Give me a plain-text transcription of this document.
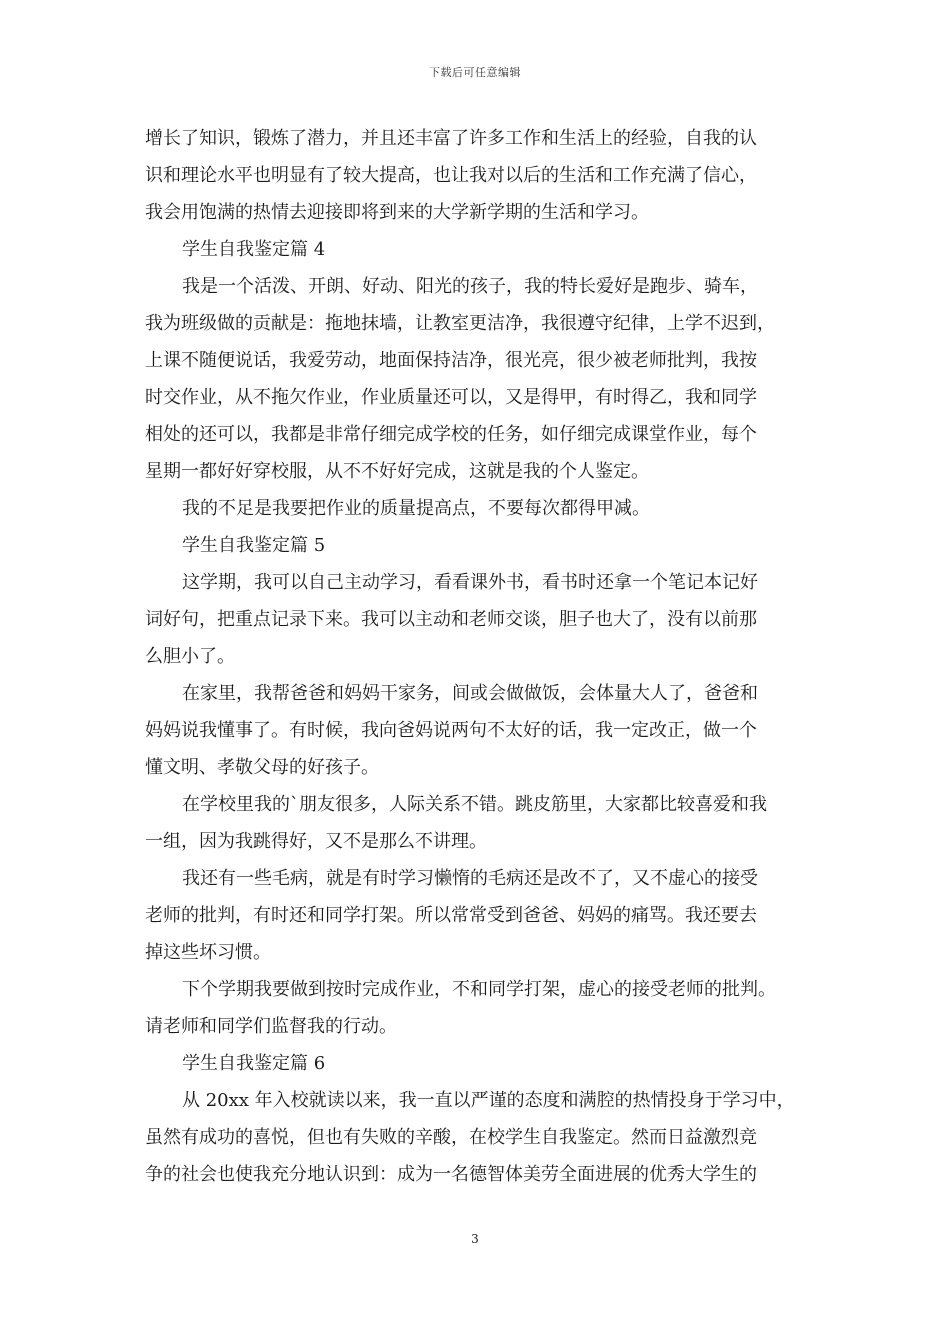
下载后可任意编辑
增长了知识，锻炼了潜力，并且还丰富了许多工作和生活上的经验，自我的认
识和理论水平也明显有了较大提高，也让我对以后的生活和工作充满了信心，
我会用饱满的热情去迎接即将到来的大学新学期的生活和学习。
学生自我鉴定篇 4
我是一个活泼、开朗、好动、阳光的孩子，我的特长爱好是跑步、骑车，
我为班级做的贡献是：拖地抹墙，让教室更洁净，我很遵守纪律，上学不迟到，
上课不随便说话，我爱劳动，地面保持洁净，很光亮，很少被老师批判，我按
时交作业，从不拖欠作业，作业质量还可以，又是得甲，有时得乙，我和同学
相处的还可以，我都是非常仔细完成学校的任务，如仔细完成课堂作业，每个
星期一都好好穿校服，从不不好好完成，这就是我的个人鉴定。
我的不足是我要把作业的质量提高点，不要每次都得甲减。
学生自我鉴定篇 5
这学期，我可以自己主动学习，看看课外书，看书时还拿一个笔记本记好
词好句，把重点记录下来。我可以主动和老师交谈，胆子也大了，没有以前那
么胆小了。
在家里，我帮爸爸和妈妈干家务，间或会做做饭，会体量大人了，爸爸和
妈妈说我懂事了。有时候，我向爸妈说两句不太好的话，我一定改正，做一个
懂文明、孝敬父母的好孩子。
在学校里我的`朋友很多，人际关系不错。跳皮筋里，大家都比较喜爱和我
一组，因为我跳得好，又不是那么不讲理。
我还有一些毛病，就是有时学习懒惰的毛病还是改不了，又不虚心的接受
老师的批判，有时还和同学打架。所以常常受到爸爸、妈妈的痛骂。我还要去
掉这些坏习惯。
下个学期我要做到按时完成作业，不和同学打架，虚心的接受老师的批判。
请老师和同学们监督我的行动。
学生自我鉴定篇 6
从 20xx 年入校就读以来，我一直以严谨的态度和满腔的热情投身于学习中，
虽然有成功的喜悦，但也有失败的辛酸，在校学生自我鉴定。然而日益激烈竞
争的社会也使我充分地认识到：成为一名德智体美劳全面进展的优秀大学生的
3
